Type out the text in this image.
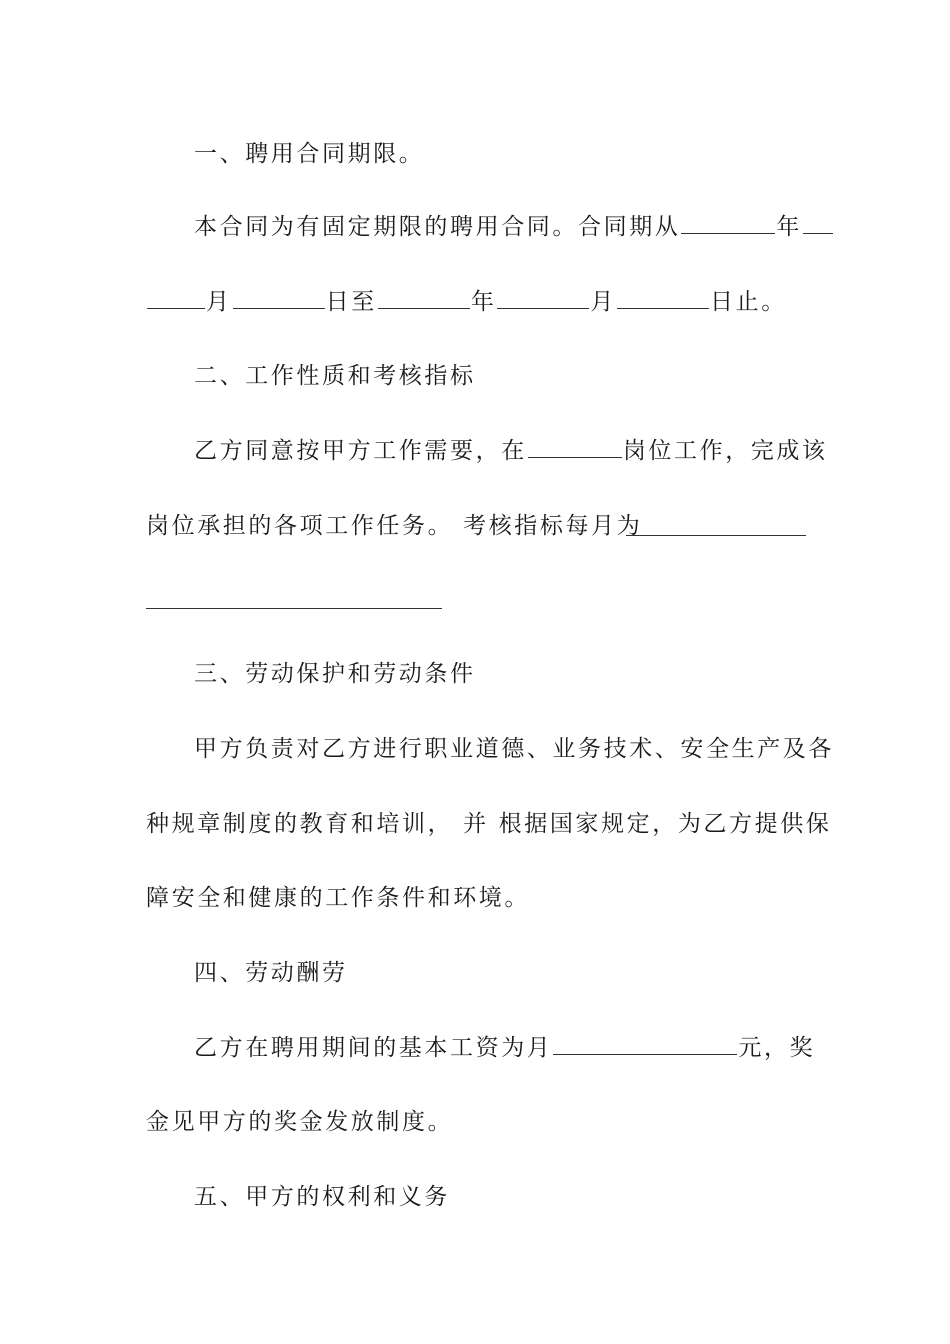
一、聘用合同期限。
本合同为有固定期限的聘用合同。合同期从	年
月	日至	年	月	日止。
二、工作性质和考核指标
乙方同意按甲方工作需要，在	岗位工作，完成该
岗位承担的各项工作任务。 考核指标每月为
三、劳动保护和劳动条件
甲方负责对乙方进行职业道德、业务技术、安全生产及各
种规章制度的教育和培训， 并 根据国家规定，为乙方提供保
障安全和健康的工作条件和环境。
四、劳动酬劳
乙方在聘用期间的基本工资为月	元，奖
金见甲方的奖金发放制度。
五、甲方的权利和义务
